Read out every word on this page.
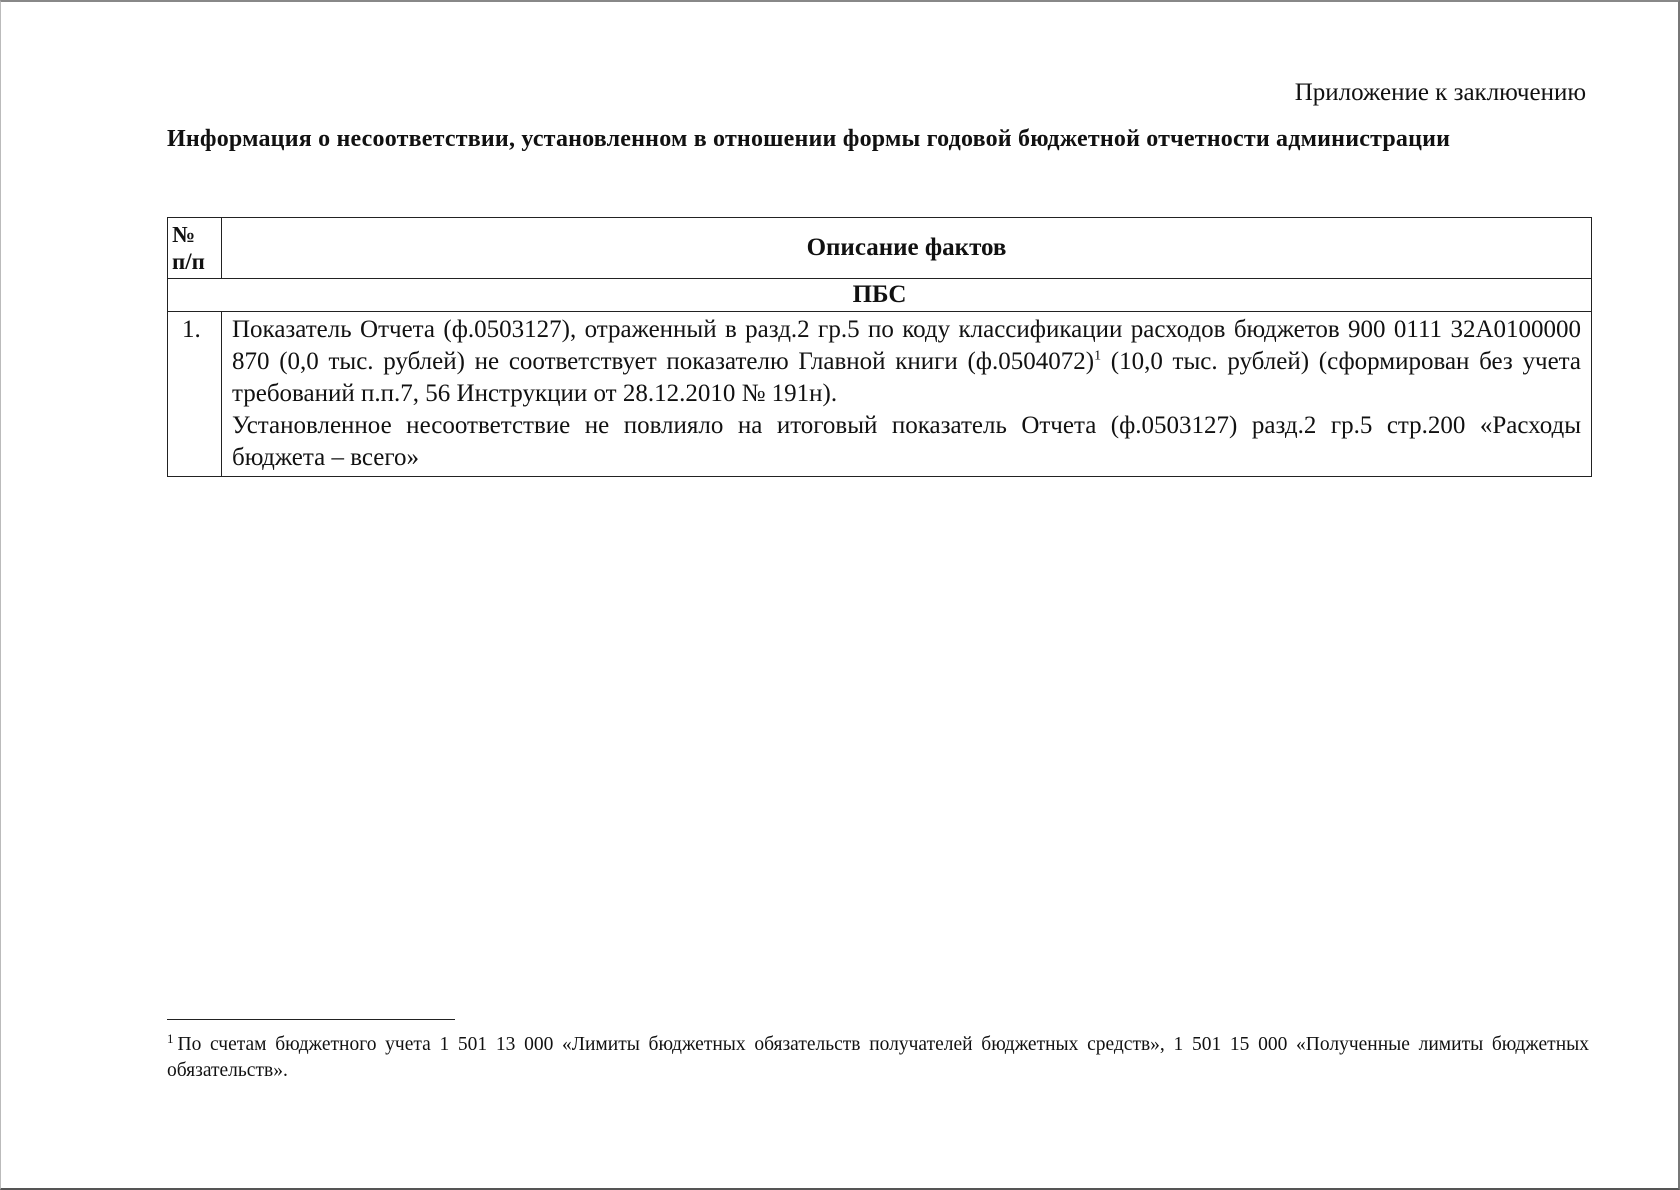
Приложение к заключению
Информация о несоответствии, установленном в отношении формы годовой бюджетной отчетности администрации
№
п/п	Описание фактов
ПБС	
1.	Показатель Отчета (ф.0503127), отраженный в разд.2 гр.5 по коду классификации расходов бюджетов 900 0111 32А0100000 870 (0,0 тыс. рублей) не соответствует показателю Главной книги (ф.0504072)$^1$ (10,0 тыс. рублей) (сформирован без учета требований п.п.7, 56 Инструкции от 28.12.2010 № 191н).

Установленное несоответствие не повлияло на итоговый показатель Отчета (ф.0503127) разд.2 гр.5 стр.200 «Расходы бюджета – всего»

$^1$ По счетам бюджетного учета 1 501 13 000 «Лимиты бюджетных обязательств получателей бюджетных средств», 1 501 15 000 «Полученные лимиты бюджетных обязательств».
